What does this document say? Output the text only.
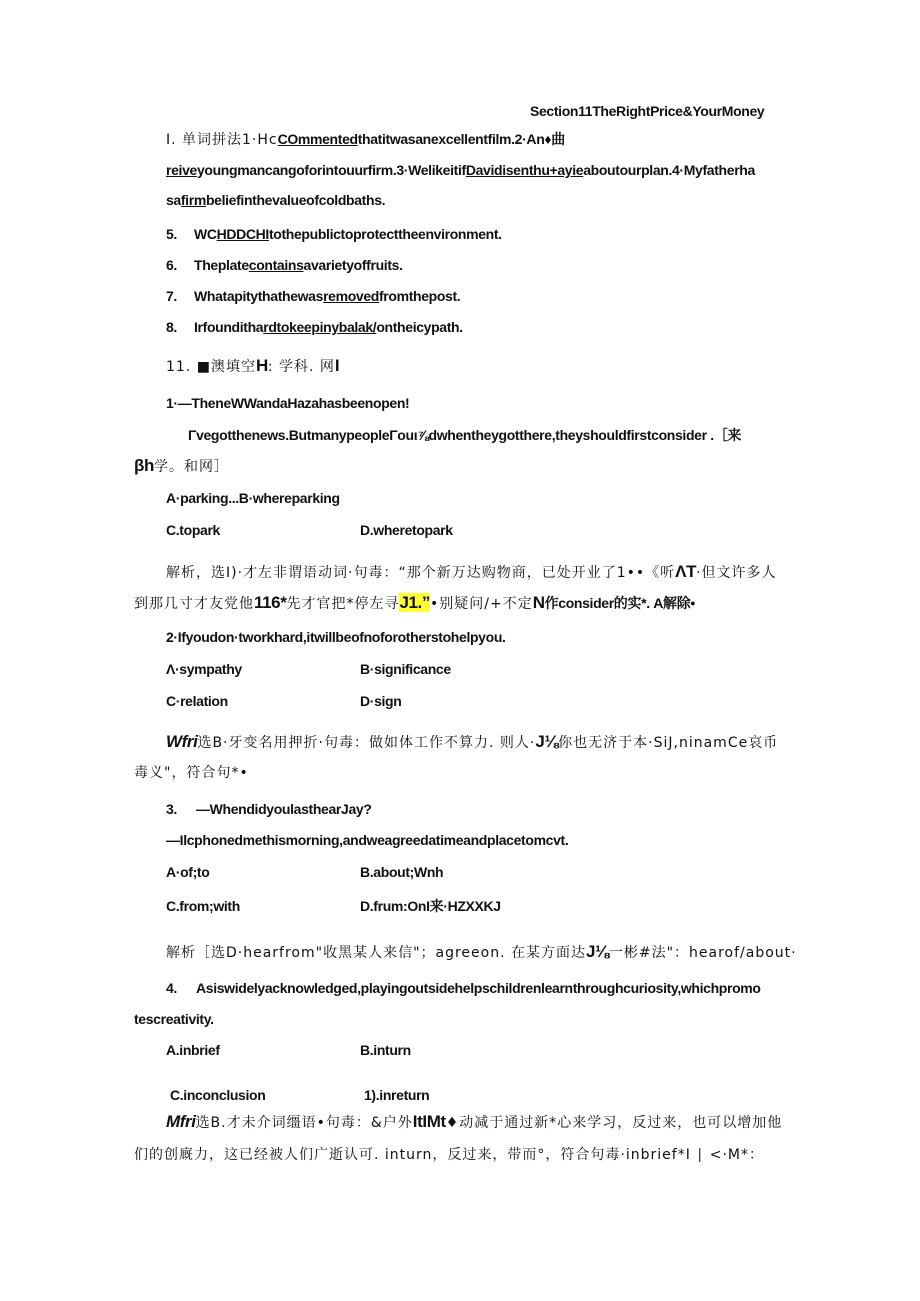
Section11TheRightPrice&YourMoney
I. 单词拼法1·HcCOmmentedthatitwasanexcellentfilm.2·An♦曲
reiveyoungmancangoforintouurfirm.3·WelikeitifDavidisenthu+ayieaboutourplan.4·Myfatherha
safirmbeliefinthevalueofcoldbaths.
5. WCHDDCHItothepublictoprotecttheenvironment.
6. Theplatecontainsavarietyoffruits.
7. Whatapitythathewasremovedfromthepost.
8. Irfoundithardtokeepinybalak/ontheicypath.
11. ■澳填空H: 学科. 网I
1·—TheneWWandaHazahasbeenopen!
Γvegotthenews.ButmanypeopleΓouι⅞dwhentheygotthere,theyshouldfirstconsider .［来
βh学。和网］
A·parking...B·whereparking
C.topark	D.wheretopark
解析，选I)·才左非谓语动词·句毒：“那个新万达购物商，已处开业了1••《听ΛT·但文许多人
到那几寸才友党他116*先才官把*停左寻J1.”•别疑问/+不定N作consider的实*. A解除•
2·Ifyoudon·tworkhard,itwillbeofnoforotherstohelpyou.
Λ·sympathy	B·significance
C·relation	D·sign
Wfri选B·牙变名用押折·句毒：做如体工作不算力. 则人·J⅛你也无济于本·SiJ,ninamCe哀币
毒义"，符合句*•
3. —WhendidyoulasthearJay?
—Ilcphonedmethismorning,andweagreedatimeandplacetomcvt.
A·of;to	B.about;Wnh
C.from;with	D.frum:OnI来·HZXXKJ
解析［选D·hearfrom"收黑某人来信"；agreeon. 在某方面达J⅛一彬#法"：hearof/about·
4. Asiswidelyacknowledged,playingoutsidehelpschildrenlearnthroughcuriosity,whichpromo
tescreativity.
A.inbrief	B.inturn
C.inconclusion	1).inreturn
Mfri选B.才未介词缰语•句毒：&户外ItIMt♦动减于通过新*心来学习，反过来，也可以增加他
们的创廐力，这已经被人们广逝认可. inturn，反过来，带而°，符合句毒·inbrief*I ∣ <·M*：
